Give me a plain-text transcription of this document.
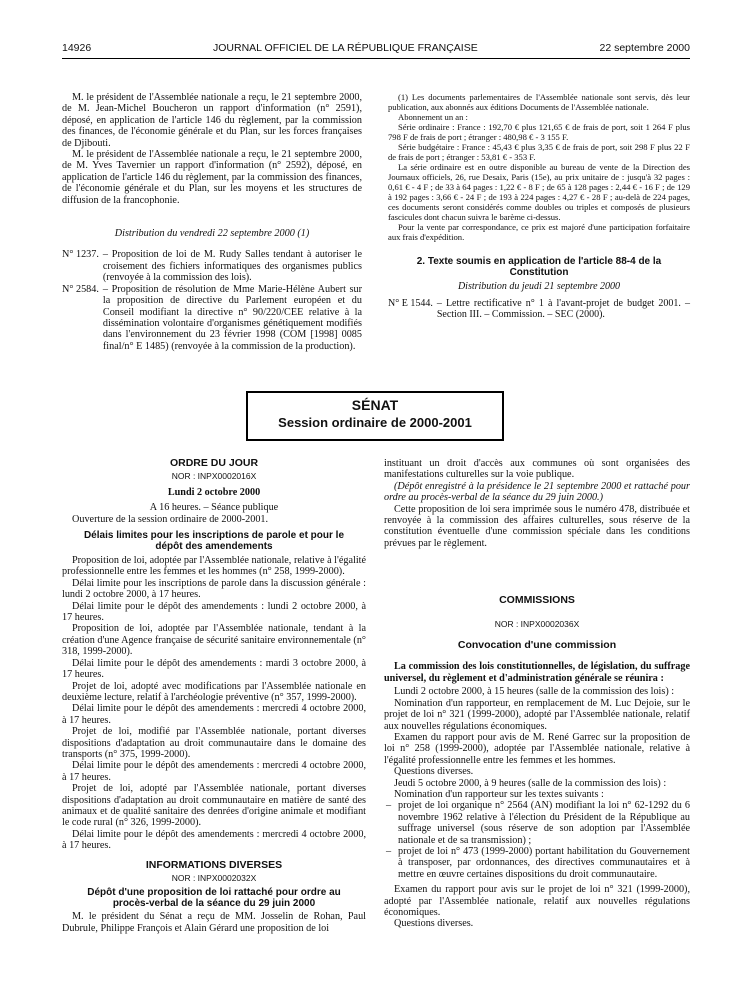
14926	JOURNAL OFFICIEL DE LA RÉPUBLIQUE FRANÇAISE	22 septembre 2000

M. le président de l'Assemblée nationale a reçu, le 21 septembre 2000, de M. Jean-Michel Boucheron un rapport d'information (n° 2591), déposé, en application de l'article 146 du règlement, par la commission des finances, de l'économie générale et du Plan, sur les forces françaises de Djibouti.

M. le président de l'Assemblée nationale a reçu, le 21 septembre 2000, de M. Yves Tavernier un rapport d'information (n° 2592), déposé, en application de l'article 146 du règlement, par la commission des finances, de l'économie générale et du Plan, sur les moyens et les structures de diffusion de la francophonie.

Distribution du vendredi 22 septembre 2000 (1)

N° 1237. – Proposition de loi de M. Rudy Salles tendant à autoriser le croisement des fichiers informatiques des organismes publics (renvoyée à la commission des lois).
N° 2584. – Proposition de résolution de Mme Marie-Hélène Aubert sur la proposition de directive du Parlement européen et du Conseil modifiant la directive n° 90/220/CEE relative à la dissémination volontaire d'organismes génétiquement modifiés dans l'environnement du 23 février 1998 (COM [1998] 0085 final/n° E 1485) (renvoyée à la commission de la production).

(1) Les documents parlementaires de l'Assemblée nationale sont servis, dès leur publication, aux abonnés aux éditions Documents de l'Assemblée nationale.

Abonnement un an :

Série ordinaire : France : 192,70 € plus 121,65 € de frais de port, soit 1 264 F plus 798 F de frais de port ; étranger : 480,98 € - 3 155 F.

Série budgétaire : France : 45,43 € plus 3,35 € de frais de port, soit 298 F plus 22 F de frais de port ; étranger : 53,81 € - 353 F.

La série ordinaire est en outre disponible au bureau de vente de la Direction des Journaux officiels, 26, rue Desaix, Paris (15e), au prix unitaire de : jusqu'à 32 pages : 0,61 € - 4 F ; de 33 à 64 pages : 1,22 € - 8 F ; de 65 à 128 pages : 2,44 € - 16 F ; de 129 à 192 pages : 3,66 € - 24 F ; de 193 à 224 pages : 4,27 € - 28 F ; au-delà de 224 pages, ces documents seront considérés comme doubles ou triples et composés de plusieurs fascicules dont chacun suivra le barème ci-dessus.

Pour la vente par correspondance, ce prix est majoré d'une participation forfaitaire aux frais d'expédition.

2. Texte soumis en application de l'article 88-4 de la Constitution

Distribution du jeudi 21 septembre 2000

N° E 1544. – Lettre rectificative n° 1 à l'avant-projet de budget 2001. – Section III. – Commission. – SEC (2000).
SÉNAT
Session ordinaire de 2000-2001

ORDRE DU JOUR

NOR : INPX0002016X

Lundi 2 octobre 2000

A 16 heures. – Séance publique

Ouverture de la session ordinaire de 2000-2001.

Délais limites pour les inscriptions de parole et pour le dépôt des amendements

Proposition de loi, adoptée par l'Assemblée nationale, relative à l'égalité professionnelle entre les femmes et les hommes (n° 258, 1999-2000).

Délai limite pour les inscriptions de parole dans la discussion générale : lundi 2 octobre 2000, à 17 heures.

Délai limite pour le dépôt des amendements : lundi 2 octobre 2000, à 17 heures.

Proposition de loi, adoptée par l'Assemblée nationale, tendant à la création d'une Agence française de sécurité sanitaire environnementale (n° 318, 1999-2000).

Délai limite pour le dépôt des amendements : mardi 3 octobre 2000, à 17 heures.

Projet de loi, adopté avec modifications par l'Assemblée nationale en deuxième lecture, relatif à l'archéologie préventive (n° 357, 1999-2000).

Délai limite pour le dépôt des amendements : mercredi 4 octobre 2000, à 17 heures.

Projet de loi, modifié par l'Assemblée nationale, portant diverses dispositions d'adaptation au droit communautaire dans le domaine des transports (n° 375, 1999-2000).

Délai limite pour le dépôt des amendements : mercredi 4 octobre 2000, à 17 heures.

Projet de loi, adopté par l'Assemblée nationale, portant diverses dispositions d'adaptation au droit communautaire en matière de santé des animaux et de qualité sanitaire des denrées d'origine animale et modifiant le code rural (n° 326, 1999-2000).

Délai limite pour le dépôt des amendements : mercredi 4 octobre 2000, à 17 heures.

INFORMATIONS DIVERSES

NOR : INPX0002032X

Dépôt d'une proposition de loi rattaché pour ordre au procès-verbal de la séance du 29 juin 2000

M. le président du Sénat a reçu de MM. Josselin de Rohan, Paul Dubrule, Philippe François et Alain Gérard une proposition de loi

instituant un droit d'accès aux communes où sont organisées des manifestations culturelles sur la voie publique.

(Dépôt enregistré à la présidence le 21 septembre 2000 et rattaché pour ordre au procès-verbal de la séance du 29 juin 2000.)

Cette proposition de loi sera imprimée sous le numéro 478, distribuée et renvoyée à la commission des affaires culturelles, sous réserve de la constitution éventuelle d'une commission spéciale dans les conditions prévues par le règlement.

COMMISSIONS

NOR : INPX0002036X

Convocation d'une commission

La commission des lois constitutionnelles, de législation, du suffrage universel, du règlement et d'administration générale se réunira :

Lundi 2 octobre 2000, à 15 heures (salle de la commission des lois) :

Nomination d'un rapporteur, en remplacement de M. Luc Dejoie, sur le projet de loi n° 321 (1999-2000), adopté par l'Assemblée nationale, relatif aux nouvelles régulations économiques.

Examen du rapport pour avis de M. René Garrec sur la proposition de loi n° 258 (1999-2000), adoptée par l'Assemblée nationale, relative à l'égalité professionnelle entre les femmes et les hommes.

Questions diverses.

Jeudi 5 octobre 2000, à 9 heures (salle de la commission des lois) :

Nomination d'un rapporteur sur les textes suivants :

– projet de loi organique n° 2564 (AN) modifiant la loi n° 62-1292 du 6 novembre 1962 relative à l'élection du Président de la République au suffrage universel (sous réserve de son adoption par l'Assemblée nationale et de sa transmission) ;
– projet de loi n° 473 (1999-2000) portant habilitation du Gouvernement à transposer, par ordonnances, des directives communautaires et à mettre en œuvre certaines dispositions du droit communautaire.

Examen du rapport pour avis sur le projet de loi n° 321 (1999-2000), adopté par l'Assemblée nationale, relatif aux nouvelles régulations économiques.

Questions diverses.
